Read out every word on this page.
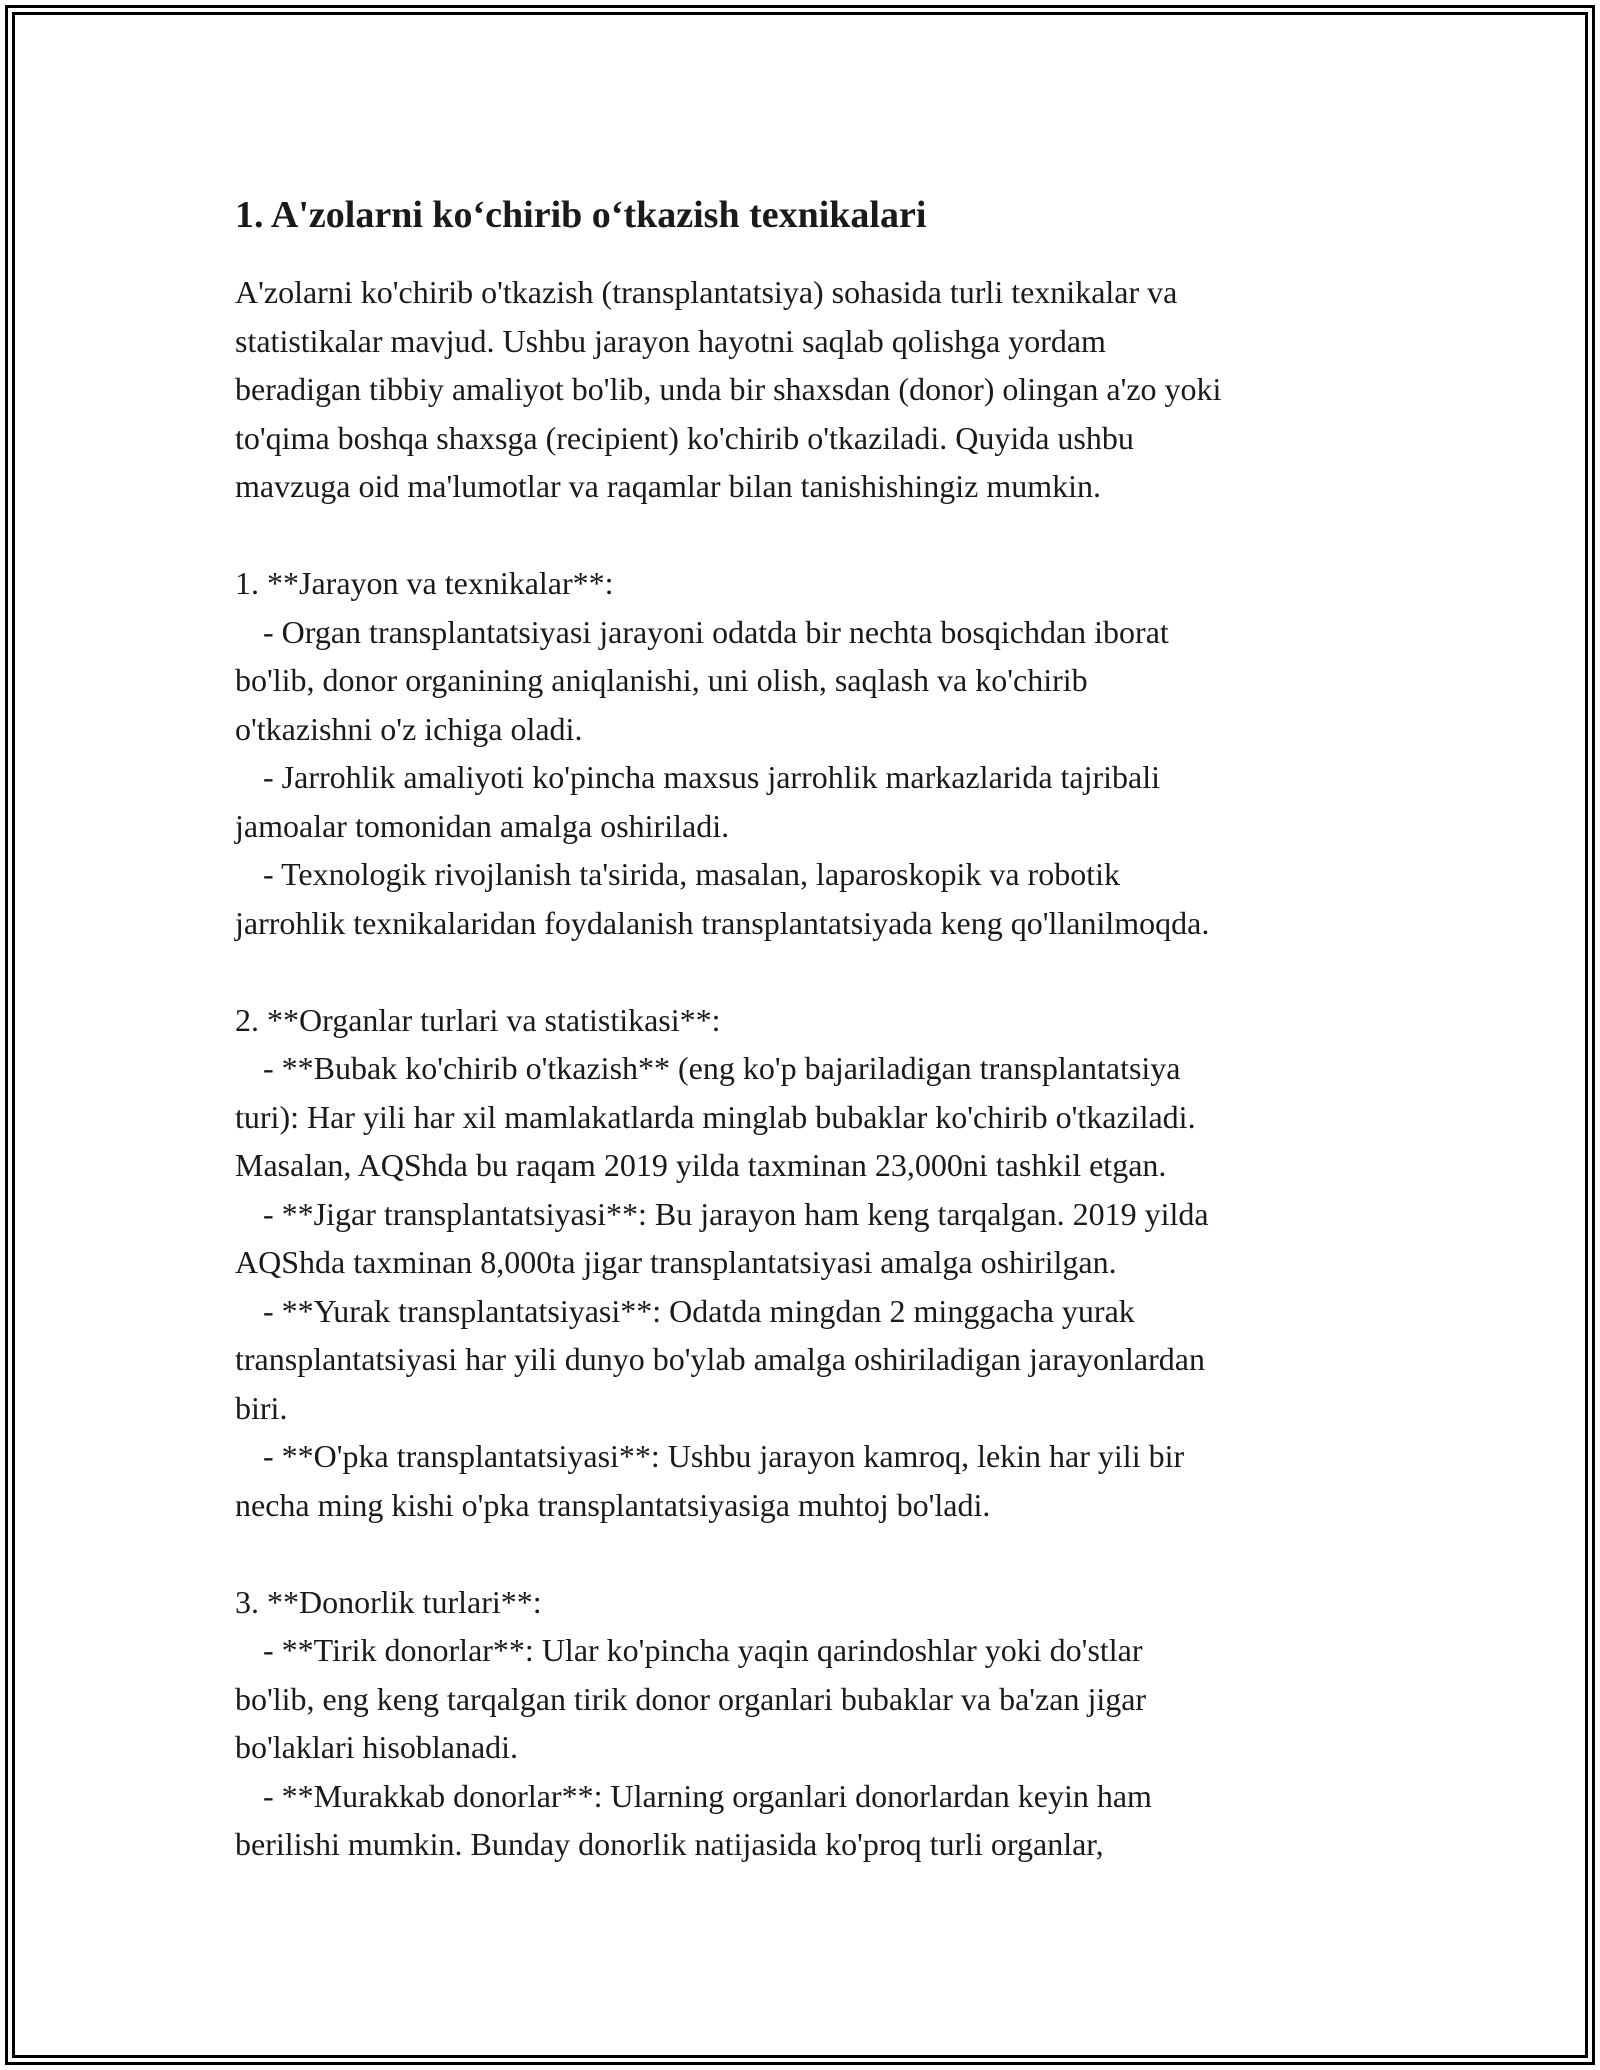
1. A'zolarni ko‘chirib o‘tkazish texnikalari

A'zolarni ko'chirib o'tkazish (transplantatsiya) sohasida turli texnikalar va

statistikalar mavjud. Ushbu jarayon hayotni saqlab qolishga yordam

beradigan tibbiy amaliyot bo'lib, unda bir shaxsdan (donor) olingan a'zo yoki

to'qima boshqa shaxsga (recipient) ko'chirib o'tkaziladi. Quyida ushbu

mavzuga oid ma'lumotlar va raqamlar bilan tanishishingiz mumkin.

1. **Jarayon va texnikalar**:

- Organ transplantatsiyasi jarayoni odatda bir nechta bosqichdan iborat

bo'lib, donor organining aniqlanishi, uni olish, saqlash va ko'chirib

o'tkazishni o'z ichiga oladi.

- Jarrohlik amaliyoti ko'pincha maxsus jarrohlik markazlarida tajribali

jamoalar tomonidan amalga oshiriladi.

- Texnologik rivojlanish ta'sirida, masalan, laparoskopik va robotik

jarrohlik texnikalaridan foydalanish transplantatsiyada keng qo'llanilmoqda.

2. **Organlar turlari va statistikasi**:

- **Bubak ko'chirib o'tkazish** (eng ko'p bajariladigan transplantatsiya

turi): Har yili har xil mamlakatlarda minglab bubaklar ko'chirib o'tkaziladi.

Masalan, AQShda bu raqam 2019 yilda taxminan 23,000ni tashkil etgan.

- **Jigar transplantatsiyasi**: Bu jarayon ham keng tarqalgan. 2019 yilda

AQShda taxminan 8,000ta jigar transplantatsiyasi amalga oshirilgan.

- **Yurak transplantatsiyasi**: Odatda mingdan 2 minggacha yurak

transplantatsiyasi har yili dunyo bo'ylab amalga oshiriladigan jarayonlardan

biri.

- **O'pka transplantatsiyasi**: Ushbu jarayon kamroq, lekin har yili bir

necha ming kishi o'pka transplantatsiyasiga muhtoj bo'ladi.

3. **Donorlik turlari**:

- **Tirik donorlar**: Ular ko'pincha yaqin qarindoshlar yoki do'stlar

bo'lib, eng keng tarqalgan tirik donor organlari bubaklar va ba'zan jigar

bo'laklari hisoblanadi.

- **Murakkab donorlar**: Ularning organlari donorlardan keyin ham

berilishi mumkin. Bunday donorlik natijasida ko'proq turli organlar,
